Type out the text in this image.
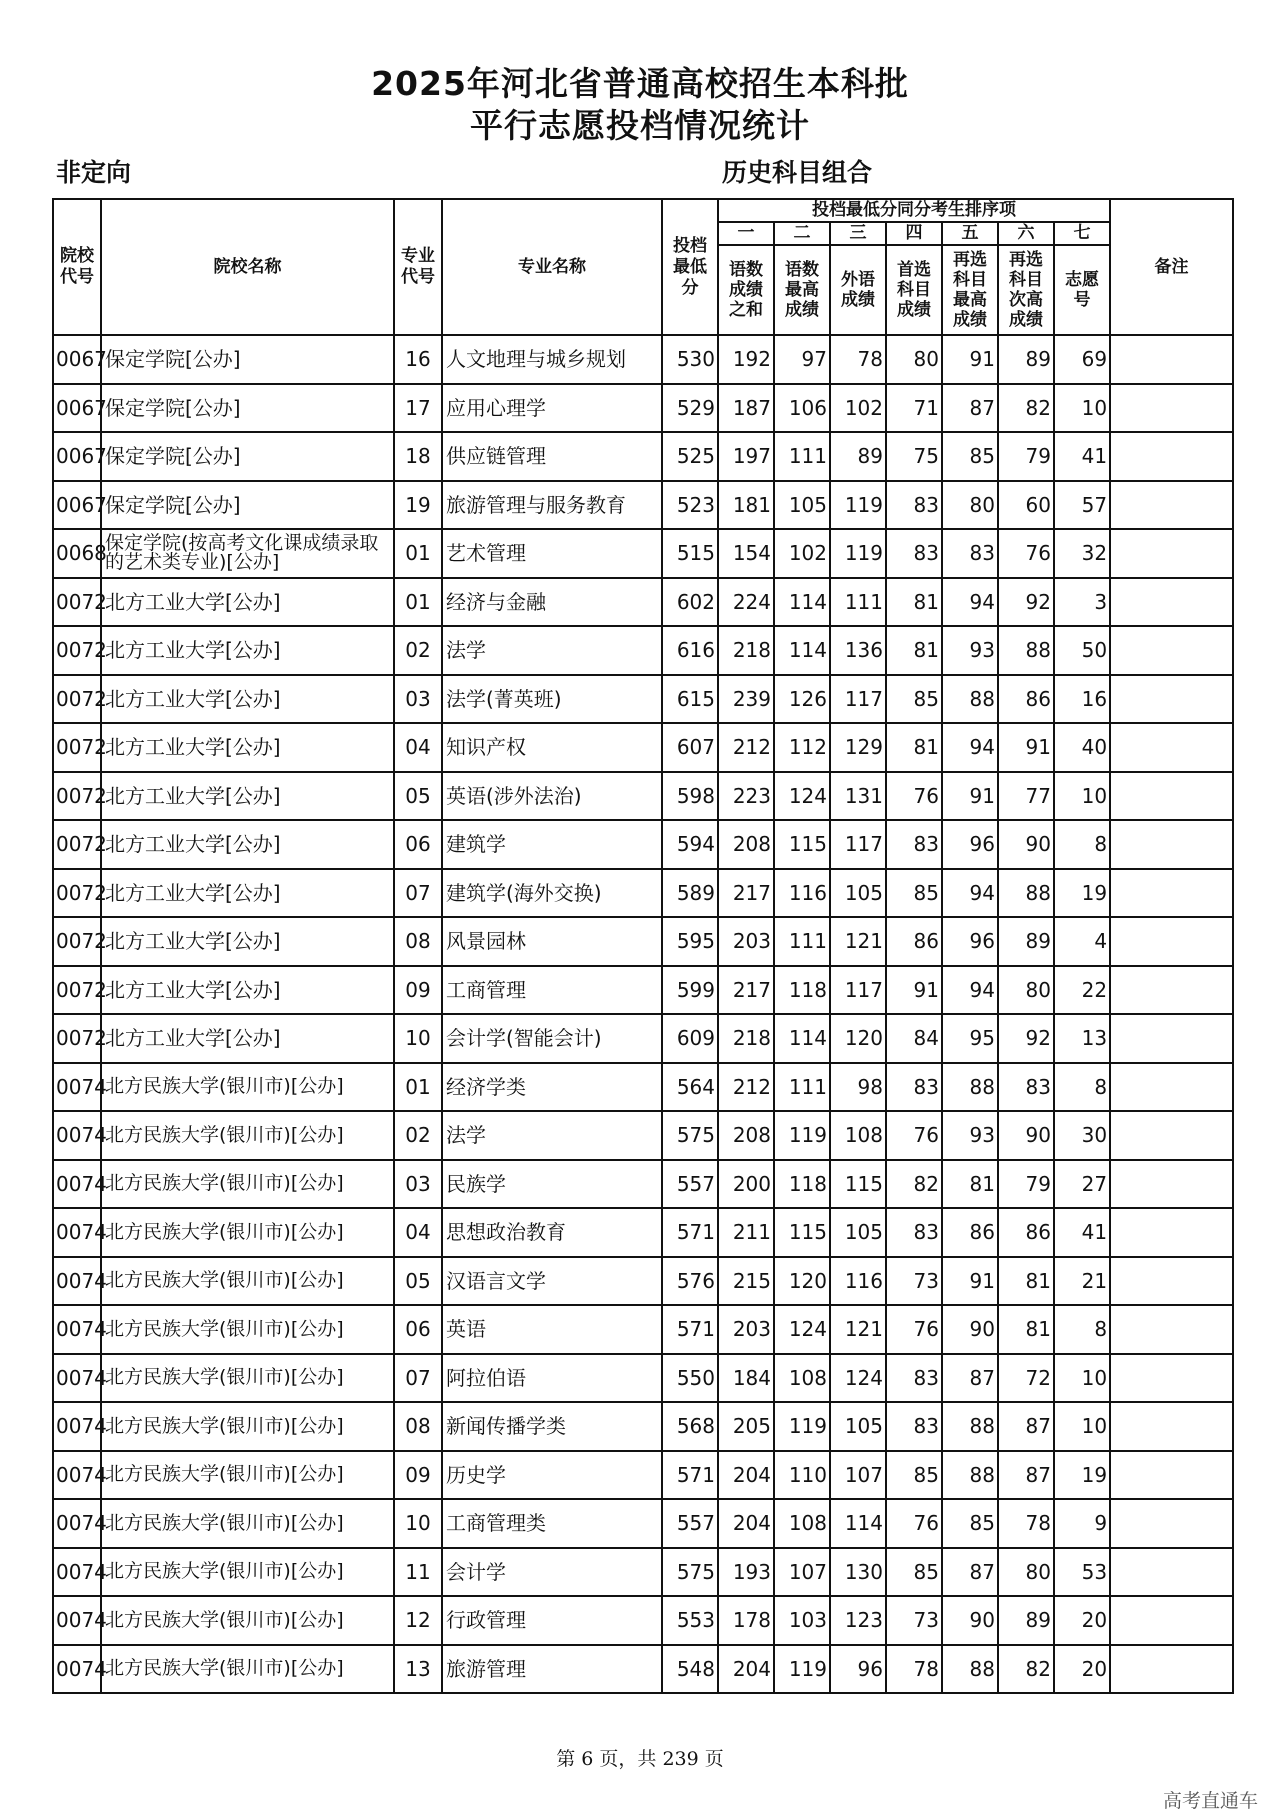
2025年河北省普通高校招生本科批
平行志愿投档情况统计
非定向	历史科目组合
院校代号	院校名称	专业代号	专业名称	投档最低分	投档最低分同分考生排序项							备注
					一	二	三	四	五	六	七	
					语数成绩之和	语数最高成绩	外语成绩	首选科目成绩	再选科目最高成绩	再选科目次高成绩	志愿号	
0067	保定学院[公办]	16	人文地理与城乡规划	530	192	97	78	80	91	89	69	
0067	保定学院[公办]	17	应用心理学	529	187	106	102	71	87	82	10	
0067	保定学院[公办]	18	供应链管理	525	197	111	89	75	85	79	41	
0067	保定学院[公办]	19	旅游管理与服务教育	523	181	105	119	83	80	60	57	
0068	保定学院(按高考文化课成绩录取的艺术类专业)[公办]	01	艺术管理	515	154	102	119	83	83	76	32	
0072	北方工业大学[公办]	01	经济与金融	602	224	114	111	81	94	92	3	
0072	北方工业大学[公办]	02	法学	616	218	114	136	81	93	88	50	
0072	北方工业大学[公办]	03	法学(菁英班)	615	239	126	117	85	88	86	16	
0072	北方工业大学[公办]	04	知识产权	607	212	112	129	81	94	91	40	
0072	北方工业大学[公办]	05	英语(涉外法治)	598	223	124	131	76	91	77	10	
0072	北方工业大学[公办]	06	建筑学	594	208	115	117	83	96	90	8	
0072	北方工业大学[公办]	07	建筑学(海外交换)	589	217	116	105	85	94	88	19	
0072	北方工业大学[公办]	08	风景园林	595	203	111	121	86	96	89	4	
0072	北方工业大学[公办]	09	工商管理	599	217	118	117	91	94	80	22	
0072	北方工业大学[公办]	10	会计学(智能会计)	609	218	114	120	84	95	92	13	
0074	北方民族大学(银川市)[公办]	01	经济学类	564	212	111	98	83	88	83	8	
0074	北方民族大学(银川市)[公办]	02	法学	575	208	119	108	76	93	90	30	
0074	北方民族大学(银川市)[公办]	03	民族学	557	200	118	115	82	81	79	27	
0074	北方民族大学(银川市)[公办]	04	思想政治教育	571	211	115	105	83	86	86	41	
0074	北方民族大学(银川市)[公办]	05	汉语言文学	576	215	120	116	73	91	81	21	
0074	北方民族大学(银川市)[公办]	06	英语	571	203	124	121	76	90	81	8	
0074	北方民族大学(银川市)[公办]	07	阿拉伯语	550	184	108	124	83	87	72	10	
0074	北方民族大学(银川市)[公办]	08	新闻传播学类	568	205	119	105	83	88	87	10	
0074	北方民族大学(银川市)[公办]	09	历史学	571	204	110	107	85	88	87	19	
0074	北方民族大学(银川市)[公办]	10	工商管理类	557	204	108	114	76	85	78	9	
0074	北方民族大学(银川市)[公办]	11	会计学	575	193	107	130	85	87	80	53	
0074	北方民族大学(银川市)[公办]	12	行政管理	553	178	103	123	73	90	89	20	
0074	北方民族大学(银川市)[公办]	13	旅游管理	548	204	119	96	78	88	82	20	
第 6 页，共 239 页
高考直通车
